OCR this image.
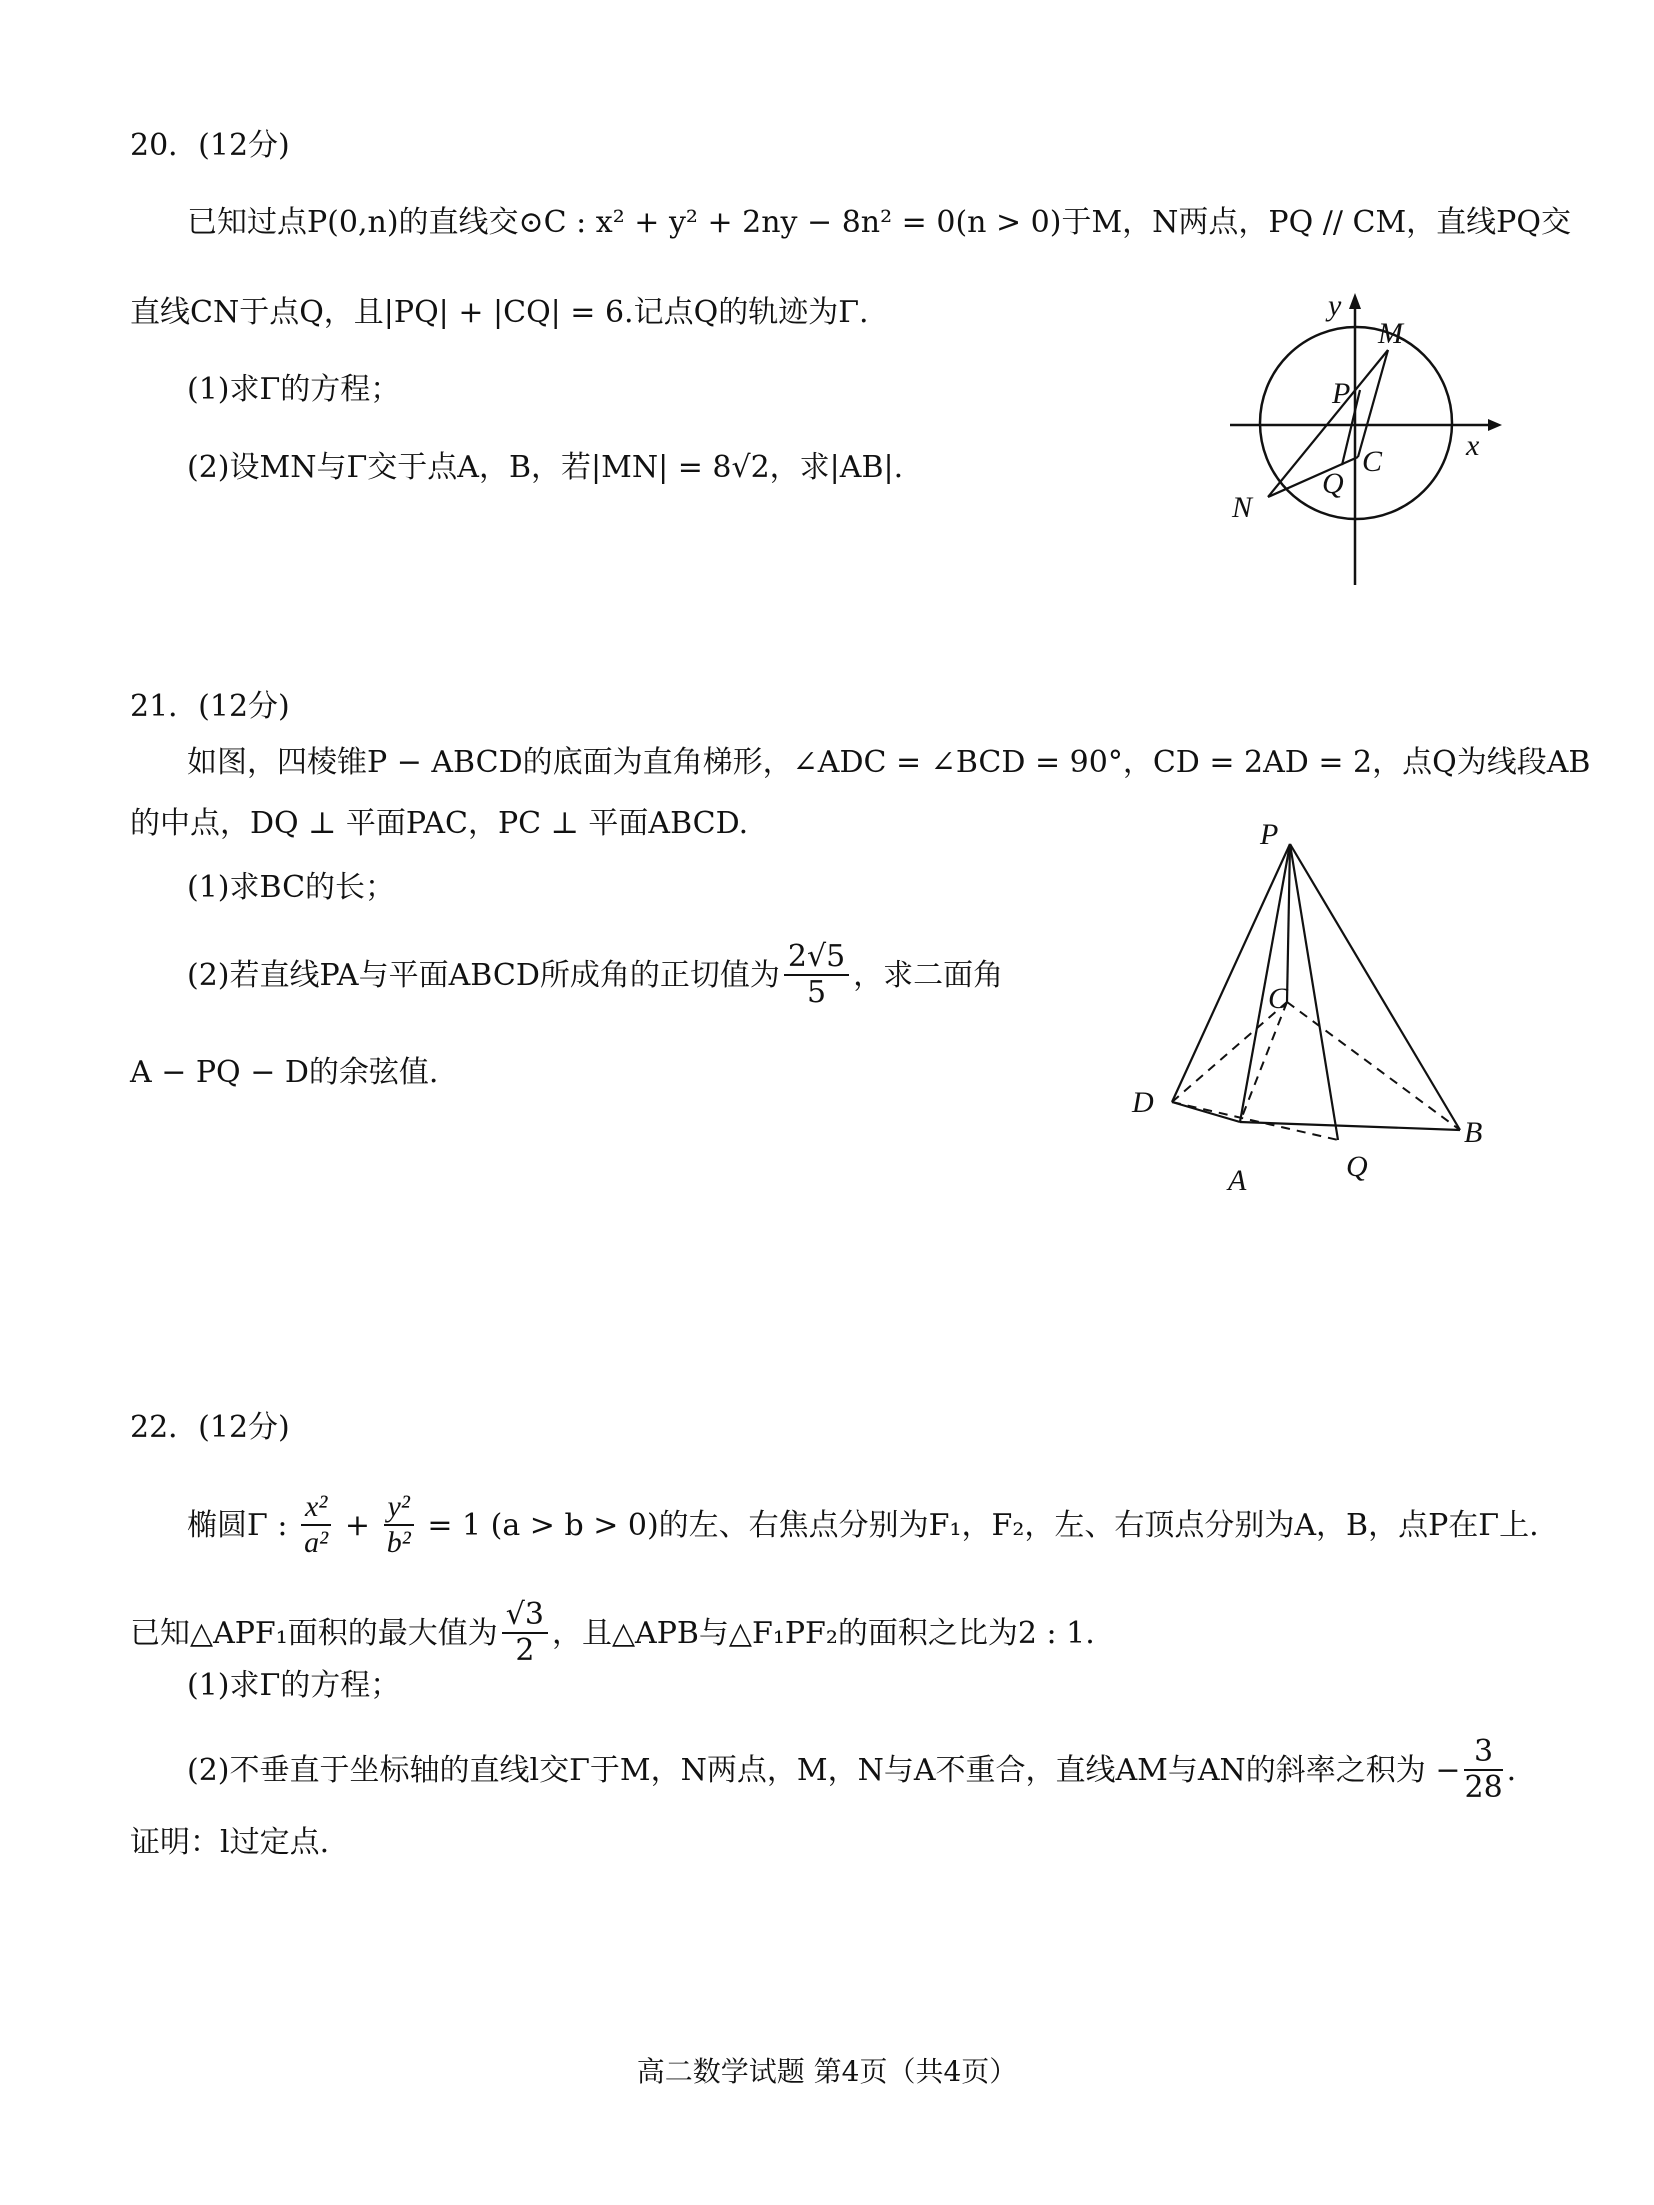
20．(12分)
已知过点P(0,n)的直线交⊙C : x² + y² + 2ny − 8n² = 0(n > 0)于M，N两点，PQ // CM，直线PQ交
直线CN于点Q，且|PQ| + |CQ| = 6.记点Q的轨迹为Γ.
(1)求Γ的方程；
(2)设MN与Γ交于点A，B，若|MN| = 8√2，求|AB|.
y
M
P
x
C
Q
N
21．(12分)
如图，四棱锥P − ABCD的底面为直角梯形，∠ADC = ∠BCD = 90°，CD = 2AD = 2，点Q为线段AB
的中点，DQ ⊥ 平面PAC，PC ⊥ 平面ABCD.
(1)求BC的长；
(2)若直线PA与平面ABCD所成角的正切值为 $\frac{2√5}{5}$ ，求二面角
A − PQ − D的余弦值.
P
C
D
B
Q
A
22．(12分)
椭圆Γ : $\frac{\text{x²}}{\text{a²}} + \frac{\text{y²}}{\text{b²}} = 1$ (a > b > 0)的左、右焦点分别为F₁，F₂，左、右顶点分别为A，B，点P在Γ上.
已知△APF₁面积的最大值为 $\frac{√3}{2}$ ，且△APB与△F₁PF₂的面积之比为2 : 1.
(1)求Γ的方程；
(2)不垂直于坐标轴的直线l交Γ于M，N两点，M，N与A不重合，直线AM与AN的斜率之积为 − $\frac{3}{28}$ .
证明：l过定点.
高二数学试题 第4页（共4页）
